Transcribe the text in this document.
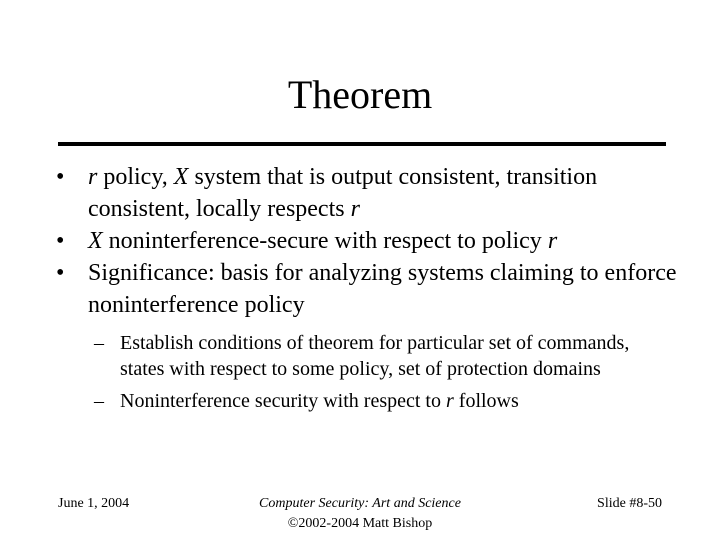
Theorem
• r policy, X system that is output consistent, transition consistent, locally respects r
• X noninterference-secure with respect to policy r
• Significance: basis for analyzing systems claiming to enforce noninterference policy
– Establish conditions of theorem for particular set of commands, states with respect to some policy, set of protection domains
– Noninterference security with respect to r follows
June 1, 2004	Computer Security: Art and Science
©2002-2004 Matt Bishop
Slide #8-50
